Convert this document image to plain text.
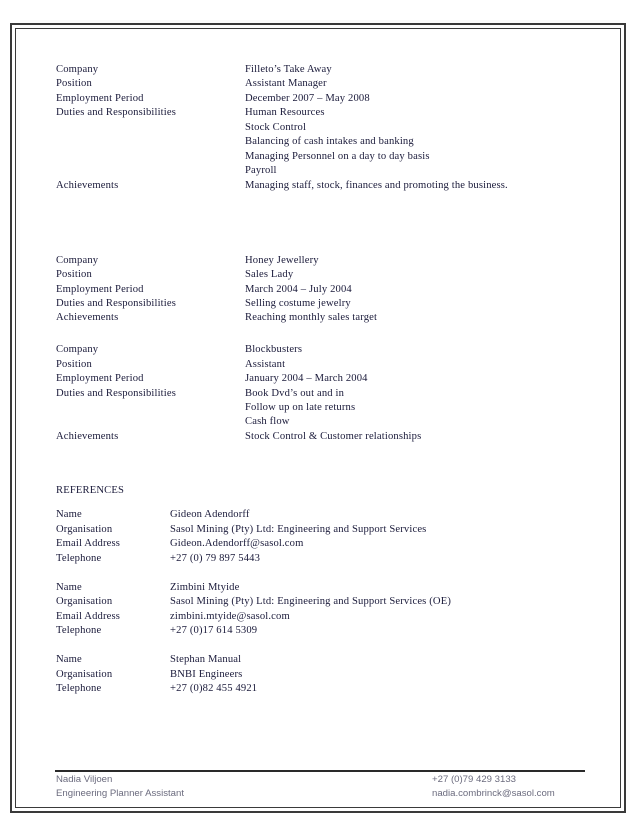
Company	Filleto’s Take Away
Position	Assistant Manager
Employment Period	December 2007 – May 2008
Duties and Responsibilities	Human Resources
Stock Control
Balancing of cash intakes and banking
Managing Personnel on a day to day basis
Payroll
Achievements	Managing staff, stock, finances and promoting the business.
Company	Honey Jewellery
Position	Sales Lady
Employment Period	March 2004 – July 2004
Duties and Responsibilities	Selling costume jewelry
Achievements	Reaching monthly sales target
Company	Blockbusters
Position	Assistant
Employment Period	January 2004 – March 2004
Duties and Responsibilities	Book Dvd’s out and in
Follow up on late returns
Cash flow
Achievements	Stock Control & Customer relationships
REFERENCES
Name	Gideon Adendorff
Organisation	Sasol Mining (Pty) Ltd: Engineering and Support Services
Email Address	Gideon.Adendorff@sasol.com
Telephone	+27 (0) 79 897 5443
Name	Zimbini Mtyide
Organisation	Sasol Mining (Pty) Ltd: Engineering and Support Services (OE)
Email Address	zimbini.mtyide@sasol.com
Telephone	+27 (0)17 614 5309
Name	Stephan Manual
Organisation	BNBI Engineers
Telephone	+27 (0)82 455 4921
Nadia Viljoen
Engineering Planner Assistant
+27 (0)79 429 3133
nadia.combrinck@sasol.com
